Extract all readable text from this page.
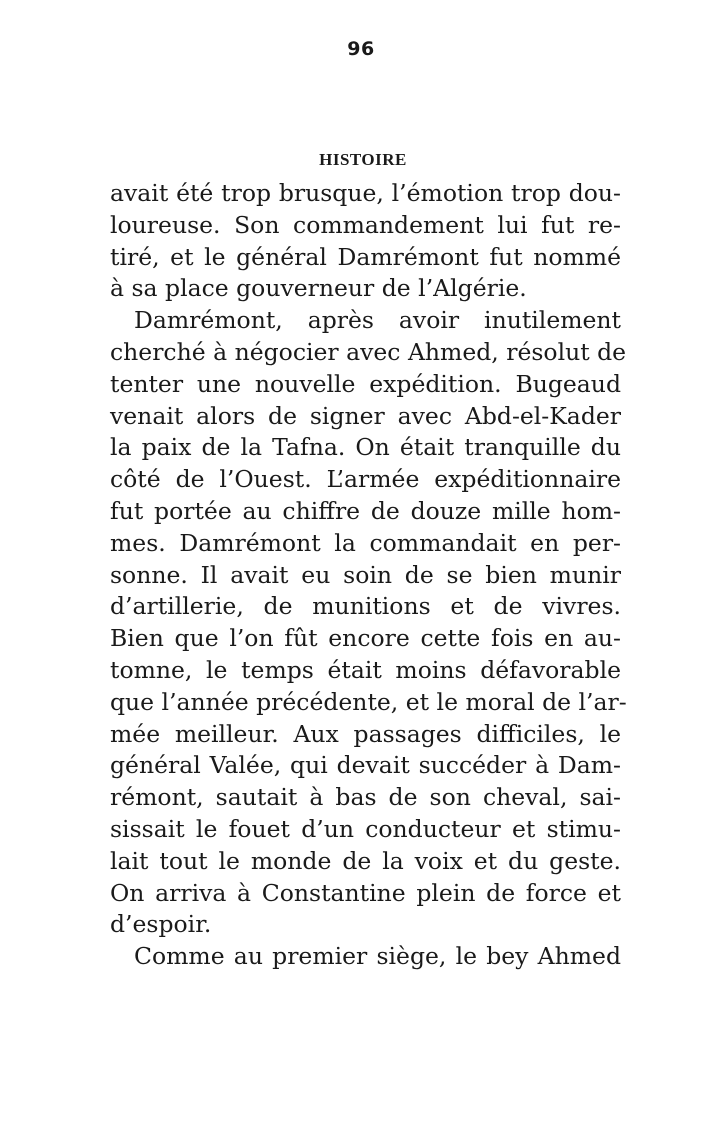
96
HISTOIRE
avait été trop brusque, l’émotion trop dou-
loureuse. Son commandement lui fut re-
tiré, et le général Damrémont fut nommé
à sa place gouverneur de l’Algérie.
Damrémont, après avoir inutilement
cherché à négocier avec Ahmed, résolut de
tenter une nouvelle expédition. Bugeaud
venait alors de signer avec Abd-el-Kader
la paix de la Tafna. On était tranquille du
côté de l’Ouest. L’armée expéditionnaire
fut portée au chiffre de douze mille hom-
mes. Damrémont la commandait en per-
sonne. Il avait eu soin de se bien munir
d’artillerie, de munitions et de vivres.
Bien que l’on fût encore cette fois en au-
tomne, le temps était moins défavorable
que l’année précédente, et le moral de l’ar-
mée meilleur. Aux passages difficiles, le
général Valée, qui devait succéder à Dam-
rémont, sautait à bas de son cheval, sai-
sissait le fouet d’un conducteur et stimu-
lait tout le monde de la voix et du geste.
On arriva à Constantine plein de force et
d’espoir.
Comme au premier siège, le bey Ahmed
